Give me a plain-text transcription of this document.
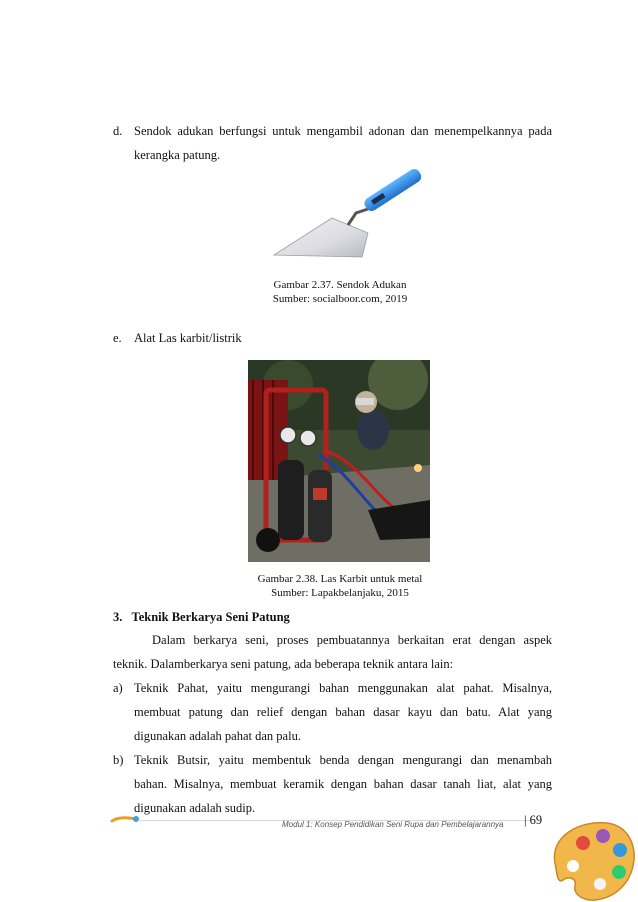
d. Sendok adukan berfungsi untuk mengambil adonan dan menempelkannya pada
kerangka patung.
Gambar 2.37. Sendok Adukan
Sumber: socialboor.com, 2019
e. Alat Las karbit/listrik
Gambar 2.38. Las Karbit untuk metal
Sumber: Lapakbelanjaku, 2015
3.   Teknik Berkarya Seni Patung
Dalam berkarya seni, proses pembuatannya berkaitan erat dengan aspek
teknik. Dalamberkarya seni patung, ada beberapa teknik antara lain:
a) Teknik Pahat, yaitu mengurangi bahan menggunakan alat pahat. Misalnya,
membuat patung dan relief dengan bahan dasar kayu dan batu. Alat yang
digunakan adalah pahat dan palu.
b) Teknik Butsir, yaitu membentuk benda dengan mengurangi dan menambah
bahan. Misalnya, membuat keramik dengan bahan dasar tanah liat, alat yang
digunakan adalah sudip.
Modul 1: Konsep Pendidikan Seni Rupa dan Pembelajarannya | 69
